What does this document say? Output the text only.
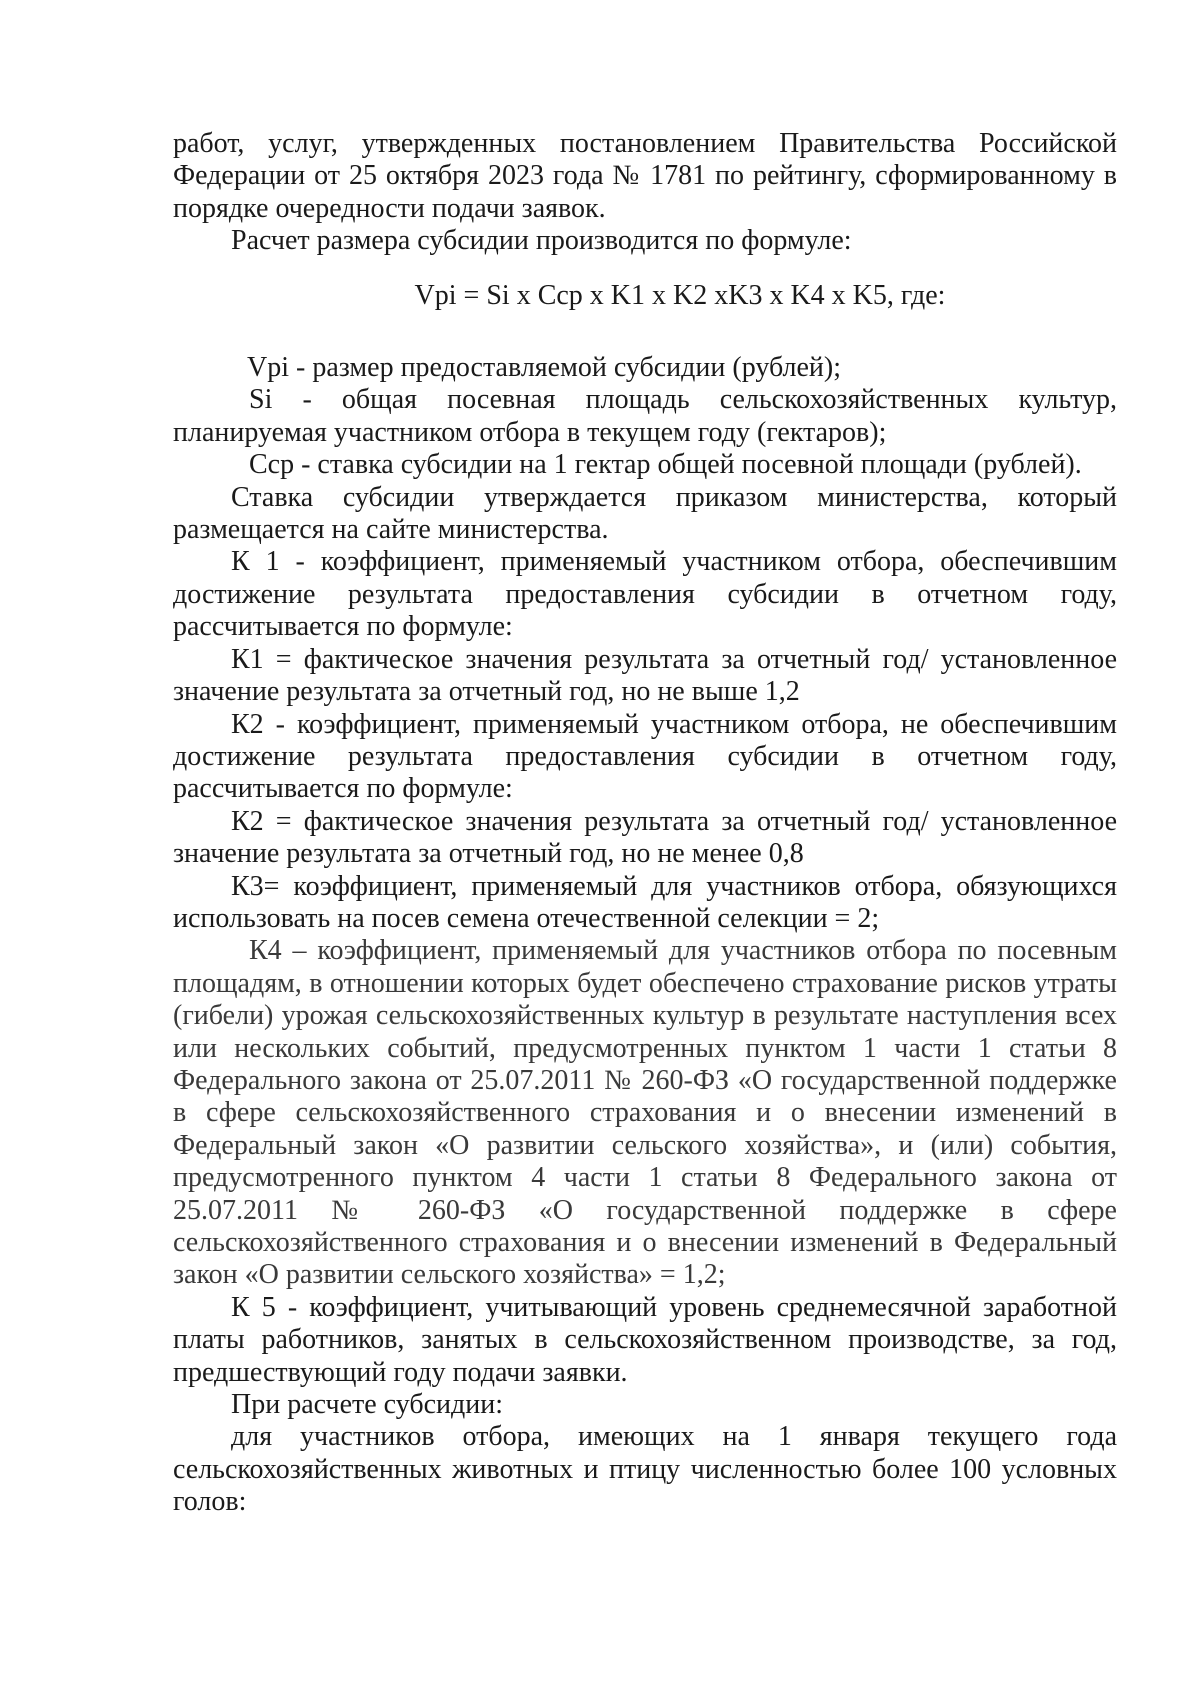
работ, услуг, утвержденных постановлением Правительства Российской Федерации от 25 октября 2023 года № 1781 по рейтингу, сформированному в порядке очередности подачи заявок.

Расчет размера субсидии производится по формуле:

Vpi = Si x Ccp x K1 x K2 xK3 x K4 x K5, где:

Vpi - размер предоставляемой субсидии (рублей);

Si - общая посевная площадь сельскохозяйственных культур, планируемая участником отбора в текущем году (гектаров);

Ccp - ставка субсидии на 1 гектар общей посевной площади (рублей).

Ставка субсидии утверждается приказом министерства, который размещается на сайте министерства.

К 1 - коэффициент, применяемый участником отбора, обеспечившим достижение результата предоставления субсидии в отчетном году, рассчитывается по формуле:

К1 = фактическое значения результата за отчетный год/ установленное значение результата за отчетный год, но не выше 1,2

К2 - коэффициент, применяемый участником отбора, не обеспечившим достижение результата предоставления субсидии в отчетном году, рассчитывается по формуле:

К2 = фактическое значения результата за отчетный год/ установленное значение результата за отчетный год, но не менее 0,8

К3= коэффициент, применяемый для участников отбора, обязующихся использовать на посев семена отечественной селекции = 2;

К4 – коэффициент, применяемый для участников отбора по посевным площадям, в отношении которых будет обеспечено страхование рисков утраты (гибели) урожая сельскохозяйственных культур в результате наступления всех или нескольких событий, предусмотренных пунктом 1 части 1 статьи 8 Федерального закона от 25.07.2011 № 260-ФЗ «О государственной поддержке в сфере сельскохозяйственного страхования и о внесении изменений в Федеральный закон «О развитии сельского хозяйства», и (или) события, предусмотренного пунктом 4 части 1 статьи 8 Федерального закона от 25.07.2011 № 260-ФЗ «О государственной поддержке в сфере сельскохозяйственного страхования и о внесении изменений в Федеральный закон «О развитии сельского хозяйства» = 1,2;

К 5 - коэффициент, учитывающий уровень среднемесячной заработной платы работников, занятых в сельскохозяйственном производстве, за год, предшествующий году подачи заявки.

При расчете субсидии:

для участников отбора, имеющих на 1 января текущего года сельскохозяйственных животных и птицу численностью более 100 условных голов:
